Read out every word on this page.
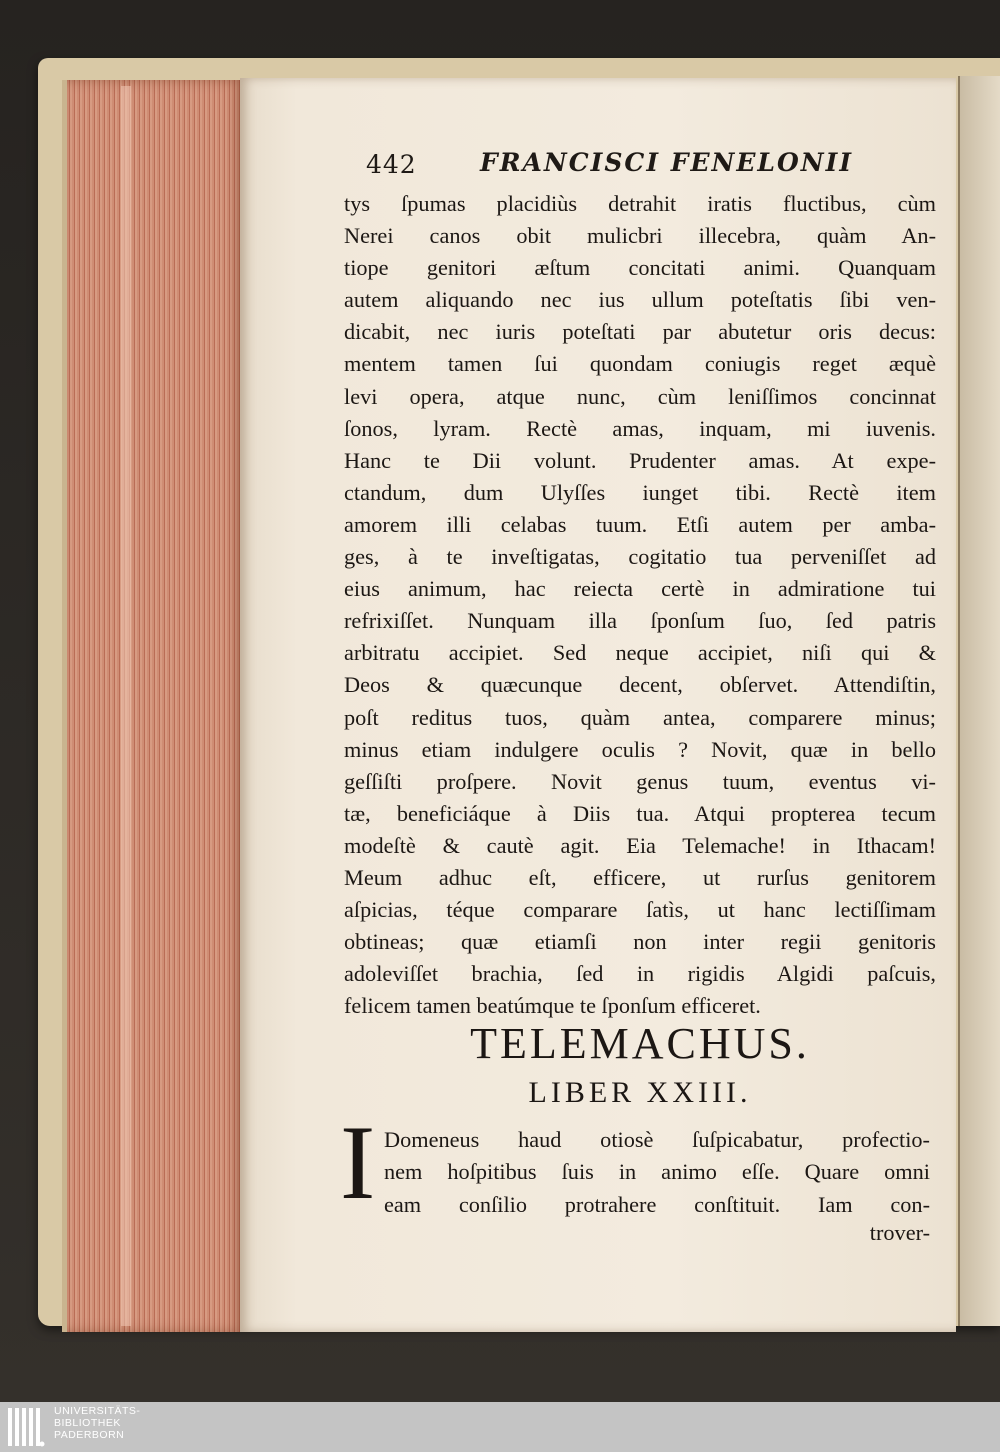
442	FRANCISCI FENELONII
tys ſpumas placidiùs detrahit iratis fluctibus, cùm
Nerei canos obit mulicbri illecebra, quàm An-
tiope genitori æſtum concitati animi. Quanquam
autem aliquando nec ius ullum poteſtatis ſibi ven-
dicabit, nec iuris poteſtati par abutetur oris decus:
mentem tamen ſui quondam coniugis reget æquè
levi opera, atque nunc, cùm leniſſimos concinnat
ſonos, lyram. Rectè amas, inquam, mi iuvenis.
Hanc te Dii volunt. Prudenter amas. At expe-
ctandum, dum Ulyſſes iunget tibi. Rectè item
amorem illi celabas tuum. Etſi autem per amba-
ges, à te inveſtigatas, cogitatio tua perveniſſet ad
eius animum, hac reiecta certè in admiratione tui
refrixiſſet. Nunquam illa ſponſum ſuo, ſed patris
arbitratu accipiet. Sed neque accipiet, niſi qui &
Deos & quæcunque decent, obſervet. Attendiſtin,
poſt reditus tuos, quàm antea, comparere minus;
minus etiam indulgere oculis ? Novit, quæ in bello
geſſiſti proſpere. Novit genus tuum, eventus vi-
tæ, beneficiáque à Diis tua. Atqui propterea tecum
modeſtè & cautè agit. Eia Telemache! in Ithacam!
Meum adhuc eſt, efficere, ut rurſus genitorem
aſpicias, téque comparare ſatìs, ut hanc lectiſſimam
obtineas; quæ etiamſi non inter regii genitoris
adoleviſſet brachia, ſed in rigidis Algidi paſcuis,
felicem tamen beatúmque te ſponſum efficeret.
TELEMACHUS.
LIBER XXIII.
I Domeneus haud otiosè ſuſpicabatur, profectio-
nem hoſpitibus ſuis in animo eſſe. Quare omni
eam conſilio protrahere conſtituit. Iam con-
trover-
UNIVERSITÄTS-
BIBLIOTHEK
PADERBORN
